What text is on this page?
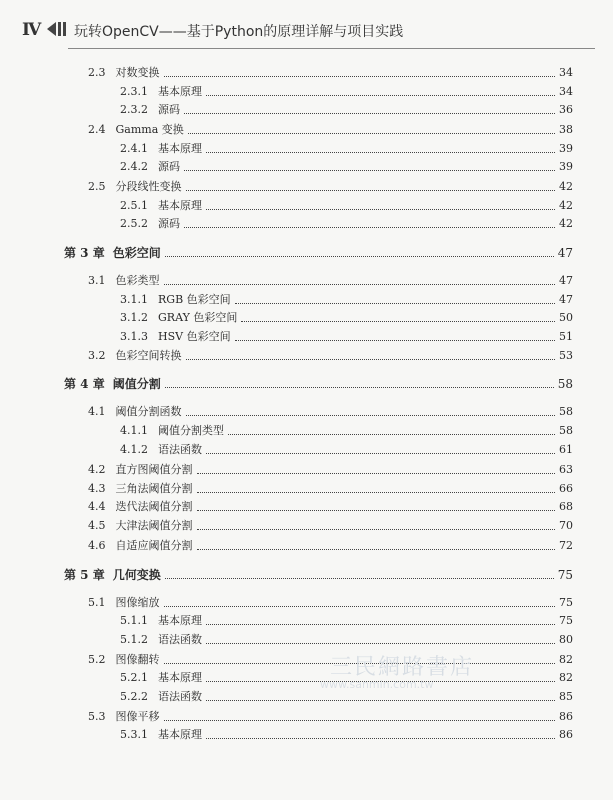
Ⅳ 玩转OpenCV——基于Python的原理详解与项目实践
2.3 对数变换	34
2.3.1 基本原理	34
2.3.2 源码	36
2.4 Gamma 变换	38
2.4.1 基本原理	39
2.4.2 源码	39
2.5 分段线性变换	42
2.5.1 基本原理	42
2.5.2 源码	42
第 3 章 色彩空间	47
3.1 色彩类型	47
3.1.1 RGB 色彩空间	47
3.1.2 GRAY 色彩空间	50
3.1.3 HSV 色彩空间	51
3.2 色彩空间转换	53
第 4 章 阈值分割	58
4.1 阈值分割函数	58
4.1.1 阈值分割类型	58
4.1.2 语法函数	61
4.2 直方图阈值分割	63
4.3 三角法阈值分割	66
4.4 迭代法阈值分割	68
4.5 大津法阈值分割	70
4.6 自适应阈值分割	72
第 5 章 几何变换	75
5.1 图像缩放	75
5.1.1 基本原理	75
5.1.2 语法函数	80
5.2 图像翻转	82
5.2.1 基本原理	82
5.2.2 语法函数	85
5.3 图像平移	86
5.3.1 基本原理	86
三民網路書店
www.sanmin.com.tw
